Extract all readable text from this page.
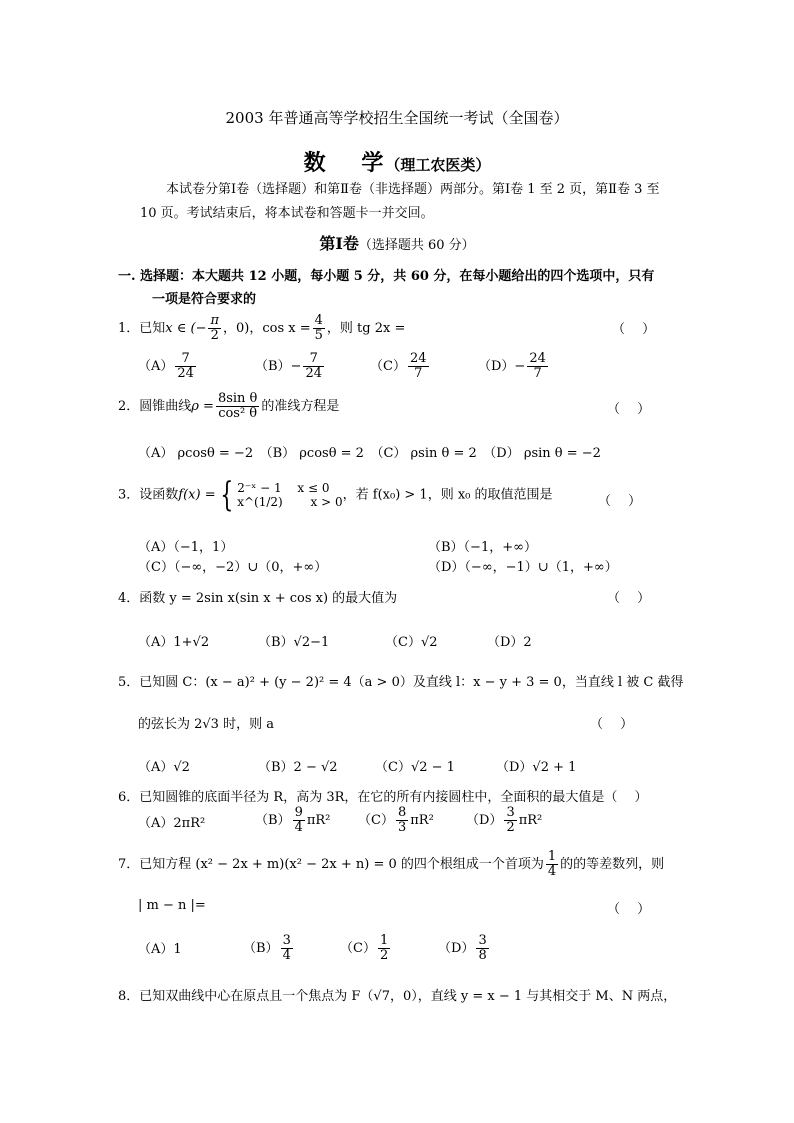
2003 年普通高等学校招生全国统一考试（全国卷）
数　 学（理工农医类）
本试卷分第Ⅰ卷（选择题）和第Ⅱ卷（非选择题）两部分。第Ⅰ卷 1 至 2 页，第Ⅱ卷 3 至 10 页。考试结束后，将本试卷和答题卡一并交回。
第Ⅰ卷（选择题共 60 分）
一. 选择题：本大题共 12 小题，每小题 5 分，共 60 分，在每小题给出的四个选项中，只有
一项是符合要求的
1．已知x ∈ (− $\frac{\pi}{2}$ ，0)，$\cos x = \frac{4}{5}$ ，则 tg 2x =	（　 ）
$(A) \frac{7}{24}$	$(B)- \frac{7}{24}$	$(C) \frac{24}{7}$	$(D)- \frac{24}{7}$
2．圆锥曲线$\rho = \frac{\text{8sin θ}}{\text{cos² θ}}$ 的准线方程是	（　 ）
（A） ρcosθ = −2　（B） ρcosθ = 2　（C） ρsin θ = 2　（D） ρsin θ = −2
3．设函数f(x) = { 2⁻ˣ − 1　 x ≤ 0
x^(1/2)　　 x > 0 ，若 f(x₀) > 1，则 x₀ 的取值范围是	（　 ）
（A）（−1，1）	（B）（−1，+∞）
（C）（−∞，−2）∪（0，+∞）	（D）（−∞，−1）∪（1，+∞）
4．函数 y = 2sin x(sin x + cos x) 的最大值为	（　 ）
（A）1+√2	（B）√2−1	（C）√2	（D）2
5．已知圆 C：(x − a)² + (y − 2)² = 4（a > 0）及直线 l：x − y + 3 = 0，当直线 l 被 C 截得
的弦长为 2√3 时，则 a	（　 ）
（A）√2	（B）2 − √2	（C）√2 − 1	（D）√2 + 1
6．已知圆锥的底面半径为 R，高为 3R，在它的所有内接圆柱中，全面积的最大值是（　 ）
（A）2πR²	$(B) \frac{9}{4} \pi R^2$ $(C) \frac{8}{3} \pi R^2$ $(D) \frac{3}{2} \pi R^2$
7．已知方程 (x² − 2x + m)(x² − 2x + n) = 0 的四个根组成一个首项为 $\frac{1}{4}$ 的的等差数列，则
| m − n |=	（　 ）
（A）1	$(B) \frac{3}{4}$	$(C) \frac{1}{2}$	$(D) \frac{3}{8}$
8．已知双曲线中心在原点且一个焦点为 F（√7，0），直线 y = x − 1 与其相交于 M、N 两点，
